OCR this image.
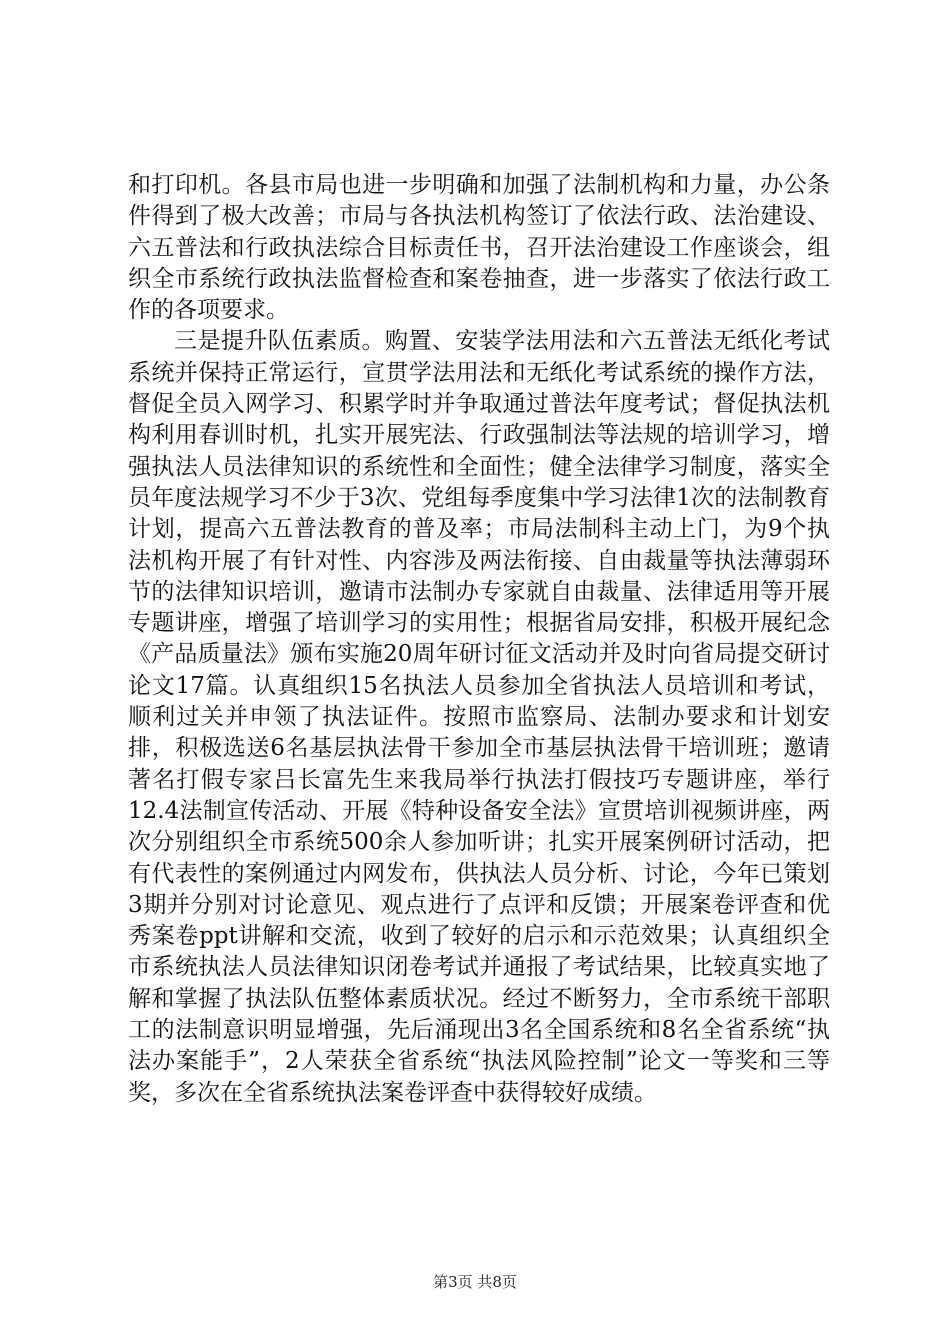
和打印机。各县市局也进一步明确和加强了法制机构和力量，办公条件得到了极大改善；市局与各执法机构签订了依法行政、法治建设、六五普法和行政执法综合目标责任书，召开法治建设工作座谈会，组织全市系统行政执法监督检查和案卷抽查，进一步落实了依法行政工作的各项要求。

三是提升队伍素质。购置、安装学法用法和六五普法无纸化考试系统并保持正常运行，宣贯学法用法和无纸化考试系统的操作方法，督促全员入网学习、积累学时并争取通过普法年度考试；督促执法机构利用春训时机，扎实开展宪法、行政强制法等法规的培训学习，增强执法人员法律知识的系统性和全面性；健全法律学习制度，落实全员年度法规学习不少于3次、党组每季度集中学习法律1次的法制教育计划，提高六五普法教育的普及率；市局法制科主动上门，为9个执法机构开展了有针对性、内容涉及两法衔接、自由裁量等执法薄弱环节的法律知识培训，邀请市法制办专家就自由裁量、法律适用等开展专题讲座，增强了培训学习的实用性；根据省局安排，积极开展纪念《产品质量法》颁布实施20周年研讨征文活动并及时向省局提交研讨论文17篇。认真组织15名执法人员参加全省执法人员培训和考试，顺利过关并申领了执法证件。按照市监察局、法制办要求和计划安排，积极选送6名基层执法骨干参加全市基层执法骨干培训班；邀请著名打假专家吕长富先生来我局举行执法打假技巧专题讲座，举行12.4法制宣传活动、开展《特种设备安全法》宣贯培训视频讲座，两次分别组织全市系统500余人参加听讲；扎实开展案例研讨活动，把有代表性的案例通过内网发布，供执法人员分析、讨论，今年已策划3期并分别对讨论意见、观点进行了点评和反馈；开展案卷评查和优秀案卷ppt讲解和交流，收到了较好的启示和示范效果；认真组织全市系统执法人员法律知识闭卷考试并通报了考试结果，比较真实地了解和掌握了执法队伍整体素质状况。经过不断努力，全市系统干部职工的法制意识明显增强，先后涌现出3名全国系统和8名全省系统“执法办案能手”，2人荣获全省系统“执法风险控制”论文一等奖和三等奖，多次在全省系统执法案卷评查中获得较好成绩。

第3页 共8页
